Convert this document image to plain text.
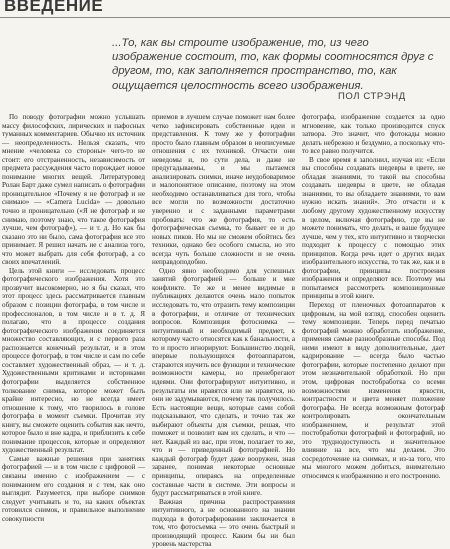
ВВЕДЕНИЕ

...То, как вы строите изображение, то, из чего изображение состоит, то, как формы соотносятся друг с другом, то, как заполняется пространство, то, как ощущается целостность всего изображения.

ПОЛ СТРЭНД

По поводу фотографии можно услышать массу философских, лирических и пафосных туманных комментариев. Обычно их источник — неопределенность. Нельзя сказать, что мнение «человека со стороны» чего-то не стоит: его отстраненность, независимость от предмета рассуждения часто порождает новое понимание многих вещей. Литературовед Ролан Барт даже сумел написать о фотографии проницательное «Почему я не фотограф и не снимаю» — «Camera Lucida» — довольно точно и проницательно («Я не фотограф и не снимаю, поэтому знаю, что такое фотография лучше, чем фотограф»), — и т. д. Но как бы сказано это ни было, сама фотография все это принимает. Я решил начать не с анализа того, что может выбрать для себя фотограф, а со своих впечатлений.

Цель этой книги — исследовать процесс фотографического изображения. Хотя это прозвучит высокомерно, но я бы сказал, что этот процесс здесь рассматривается главным образом с позиции фотографа, в том числе и профессионалов, в том числе и в т. д. Я полагаю, что в процессе создания фотографического изображения соединяется множество составляющих, и с первого раза распознается конечный результат, и в этом процессе фотограф, в том числе и сам по себе составляет художественный образ, — и т. д. Художественными критиками и историками фотографии выделяется собственное толкование снимка, которое может быть крайне интересно, но не всегда имеет отношение к тому, что творилось в голове фотографа в момент съемки. Прочитав эту книгу, вы сможете оценить события как нечто, которое было и вне кадра, и приблизить к себе понимание процессов, которые и определяют художественный результат.

Самые важные решения при занятиях фотографией — и в том числе с цифровой — связаны именно с изображением — с пониманием его создания и с тем, как оно выглядит. Разумеется, при выборе снимков следует учитывать и то, на каких объектах готовился снимок, и правильное выполнение совокупности

приемов в лучшем случае поможет нам более четко зафиксировать собственные идеи и представления. К тому же у фотографии просто было главным образом в неописуемые отношения с их техникой. Отчасти они неведомы и, по сути дела, и даже не предугадываемы, и мы пытаемся анализировать снимки, иначе неудобоваримое и малопонятное описание, поэтому на этом необходимо останавливаться для того, чтобы все могли по возможности достаточно уверенно и с заданными параметрами пробовать: что же фотография, то есть фотографическая съемка, то бывает ее и до новых пиков. Но мы не сможем обойтись без техники, однако без особого смысла, но это всегда чуть больше сложности и не очень неправдоподобно.

Одно явно необходимо для успешных занятий фотографией — больше и мне конфликте. Те же и менее видимые в публикациях делаются очень мало попыток исследовать то, что отразить тему композиции в фотографии, и отличие от технических вопросов. Композиция фотоснимка — интуитивный и необходимый предмет, к которому часто относятся как к банальности, а то и просто игнорируют. Большинство людей, впервые пользующихся фотоаппаратом, стараются изучить все функции и технические возможности камеры, но пренебрегают идеями. Они фотографируют интуитивно, и результаты им нравятся или не нравятся, но они не задумываются, почему так получилось. Есть настоящие вещи, которые сами собой подсказывают, что сделать, и точно так же выбирают объекты для съемки, решая, что поможет и позволит вам их сделать, и что — нет. Каждый из вас, при этом, полагает то же, что и — приведенный фотографией. Но каждый фотограф будет даже вооружен, зная заранее, понимая некоторые основные принципы, опираясь на определенные составные части в системе. Эти вопросы и будут рассматриваться в этой книге.

Важная причина распространения интуитивного, а не основанного на знании подхода в фотографировании заключается в том, что фотосъемка — это очень быстрый и производящий процесс. Каким бы ни был уровень мастерства

фотографа, изображение создается за одно мгновение, как только производится спуск затвора. Это значит, что фотокады можно делать небрежно и бездумно, а поскольку что-то все равно получится.

В свое время я заполнил, изучая из: «Если вы способны создавать шедевры в цвете, не обладая знаниями, то такой вы способны создавать шедевры в цвете, не обладая знаниями, то вы обладаете знаниями, то вам нужно искать знаний». Это отчасти и к любому другому художественному искусству в целом, включая фотографию, где вы не можете понимать, что делать, и ваше будущее лучше, чем у тех, кто интуитивно и творчески подходит к процессу с помощью этих принципов. Когда речь идет о других видах изобразительного искусства, то так же, как и в фотографии, принципы построения изображения и определяют все. Поэтому мы попытаемся рассмотреть композиционные принципы в этой книге.

Переход от пленочных фотоаппаратов к цифровым, на мой взгляд, способен оценить тему композиции. Теперь перед печатью фотографий можно обработать изображение, применяя самые разнообразные способы. Под ними имеют в виду дополнительные, дает кадрирование — всегда было частью фотографии, которые постепенно делают при этом незначительной обработкой. Но при этом, цифровая постобработка со всеми возможностями изменения яркости, контрастности и цвета меняет положение фотографа. Не всегда возможным фотограф контролировать окончательным изображением, и результат этой постобработки фотографий и фотографий, но это труднодоступность и значительное влияние на все, что мы делаем. Это сосредоточение на снимках, и из-за того, что мы многого можем добиться, внимательно относимся к изображению и его построению.
